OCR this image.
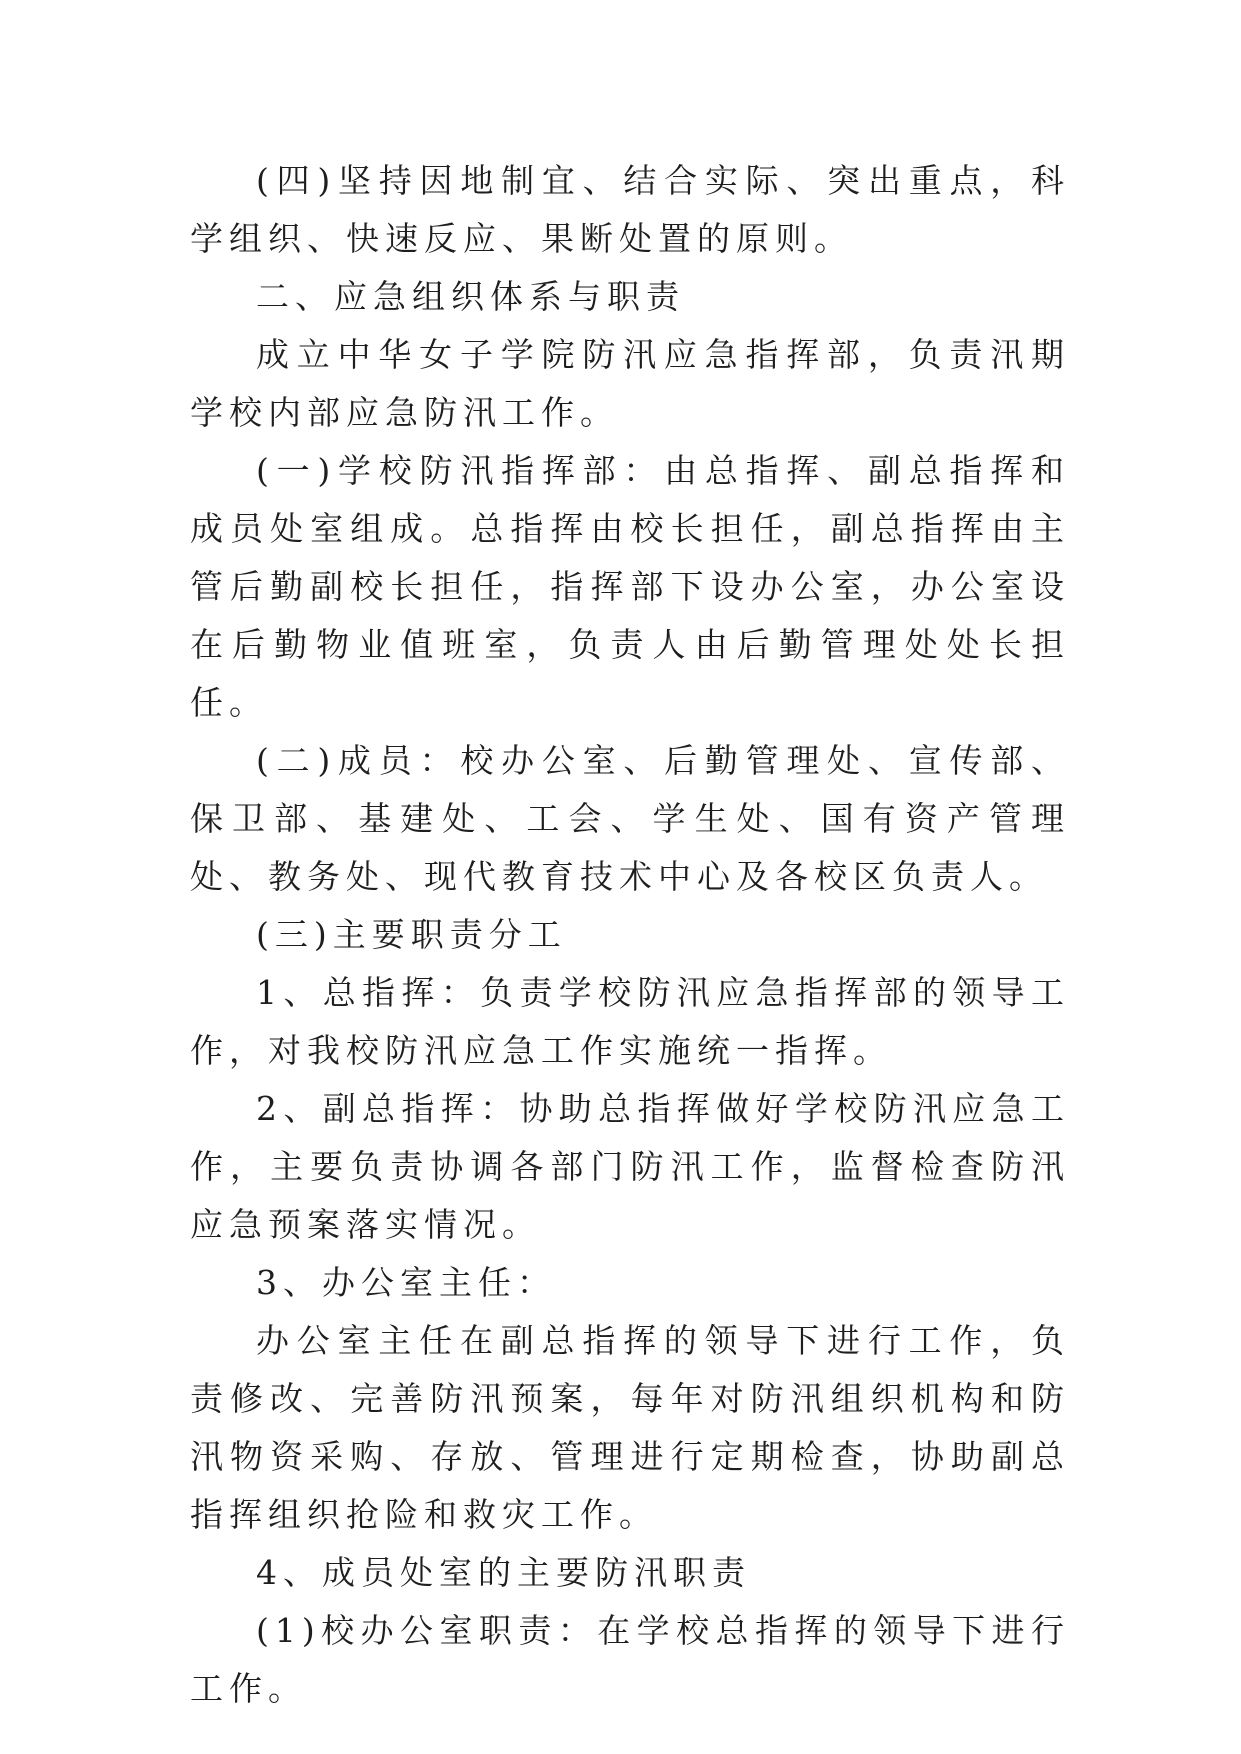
(四)坚持因地制宜、结合实际、突出重点，科学组织、快速反应、果断处置的原则。

二、应急组织体系与职责

成立中华女子学院防汛应急指挥部，负责汛期学校内部应急防汛工作。

(一)学校防汛指挥部：由总指挥、副总指挥和成员处室组成。总指挥由校长担任，副总指挥由主管后勤副校长担任，指挥部下设办公室，办公室设在后勤物业值班室，负责人由后勤管理处处长担任。

(二)成员：校办公室、后勤管理处、宣传部、保卫部、基建处、工会、学生处、国有资产管理处、教务处、现代教育技术中心及各校区负责人。

(三)主要职责分工

1、总指挥：负责学校防汛应急指挥部的领导工作，对我校防汛应急工作实施统一指挥。

2、副总指挥：协助总指挥做好学校防汛应急工作，主要负责协调各部门防汛工作，监督检查防汛应急预案落实情况。

3、办公室主任：

办公室主任在副总指挥的领导下进行工作，负责修改、完善防汛预案，每年对防汛组织机构和防汛物资采购、存放、管理进行定期检查，协助副总指挥组织抢险和救灾工作。

4、成员处室的主要防汛职责

(1)校办公室职责：在学校总指挥的领导下进行工作。
